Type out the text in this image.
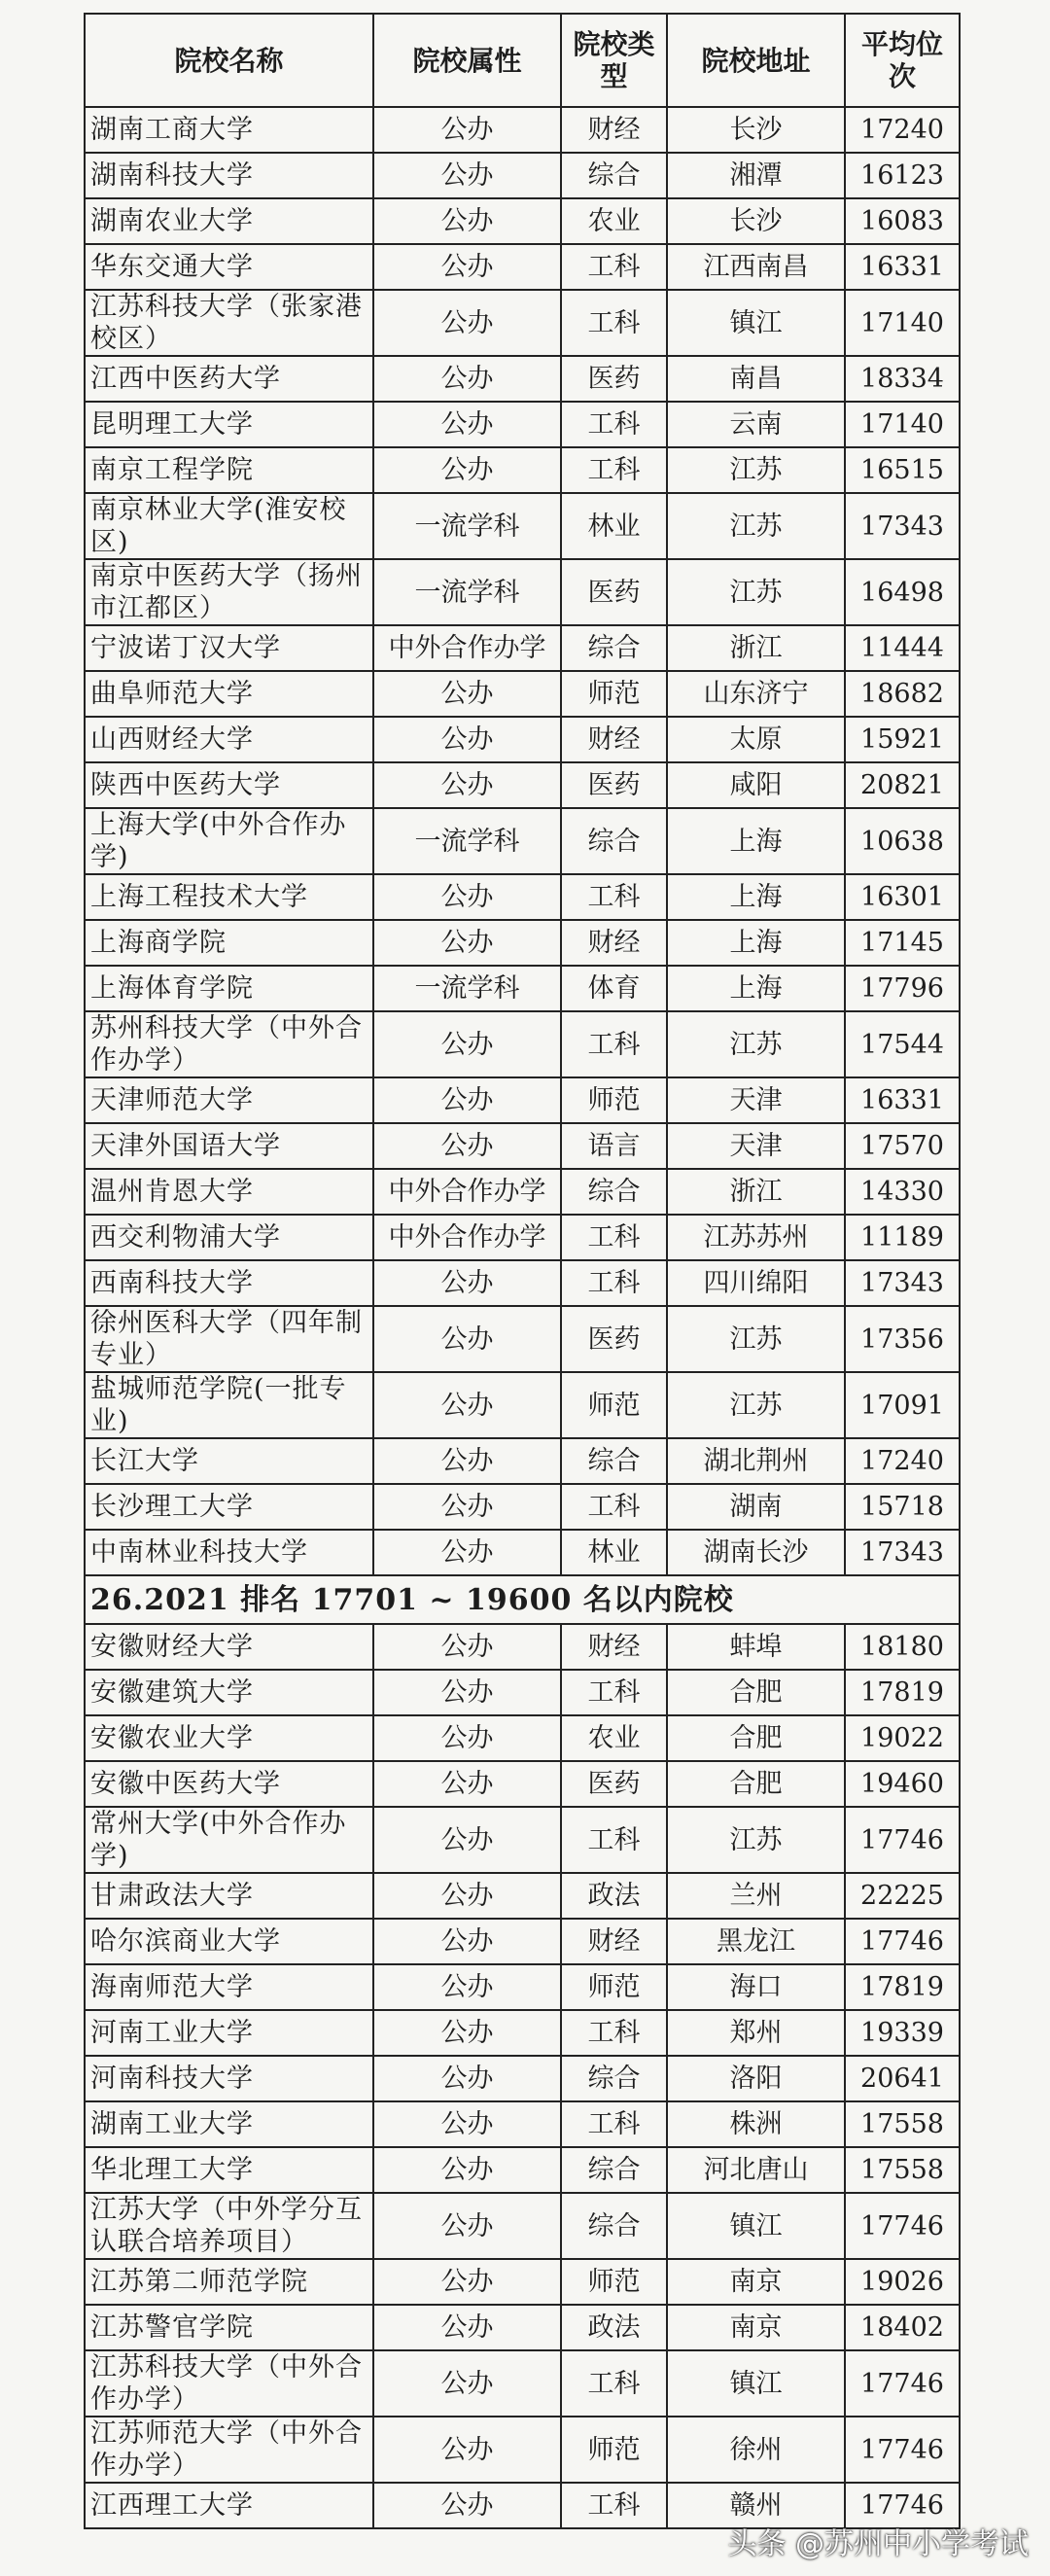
院校名称	院校属性	院校类型	院校地址	平均位次
湖南工商大学	公办	财经	长沙	17240
湖南科技大学	公办	综合	湘潭	16123
湖南农业大学	公办	农业	长沙	16083
华东交通大学	公办	工科	江西南昌	16331
江苏科技大学（张家港校区）	公办	工科	镇江	17140
江西中医药大学	公办	医药	南昌	18334
昆明理工大学	公办	工科	云南	17140
南京工程学院	公办	工科	江苏	16515
南京林业大学(淮安校区)	一流学科	林业	江苏	17343
南京中医药大学（扬州市江都区）	一流学科	医药	江苏	16498
宁波诺丁汉大学	中外合作办学	综合	浙江	11444
曲阜师范大学	公办	师范	山东济宁	18682
山西财经大学	公办	财经	太原	15921
陕西中医药大学	公办	医药	咸阳	20821
上海大学(中外合作办学)	一流学科	综合	上海	10638
上海工程技术大学	公办	工科	上海	16301
上海商学院	公办	财经	上海	17145
上海体育学院	一流学科	体育	上海	17796
苏州科技大学（中外合作办学）	公办	工科	江苏	17544
天津师范大学	公办	师范	天津	16331
天津外国语大学	公办	语言	天津	17570
温州肯恩大学	中外合作办学	综合	浙江	14330
西交利物浦大学	中外合作办学	工科	江苏苏州	11189
西南科技大学	公办	工科	四川绵阳	17343
徐州医科大学（四年制专业）	公办	医药	江苏	17356
盐城师范学院(一批专业)	公办	师范	江苏	17091
长江大学	公办	综合	湖北荆州	17240
长沙理工大学	公办	工科	湖南	15718
中南林业科技大学	公办	林业	湖南长沙	17343
26.2021 排名 17701 ~ 19600 名以内院校				
安徽财经大学	公办	财经	蚌埠	18180
安徽建筑大学	公办	工科	合肥	17819
安徽农业大学	公办	农业	合肥	19022
安徽中医药大学	公办	医药	合肥	19460
常州大学(中外合作办学)	公办	工科	江苏	17746
甘肃政法大学	公办	政法	兰州	22225
哈尔滨商业大学	公办	财经	黑龙江	17746
海南师范大学	公办	师范	海口	17819
河南工业大学	公办	工科	郑州	19339
河南科技大学	公办	综合	洛阳	20641
湖南工业大学	公办	工科	株洲	17558
华北理工大学	公办	综合	河北唐山	17558
江苏大学（中外学分互认联合培养项目）	公办	综合	镇江	17746
江苏第二师范学院	公办	师范	南京	19026
江苏警官学院	公办	政法	南京	18402
江苏科技大学（中外合作办学）	公办	工科	镇江	17746
江苏师范大学（中外合作办学）	公办	师范	徐州	17746
江西理工大学	公办	工科	赣州	17746
头条 @苏州中小学考试
